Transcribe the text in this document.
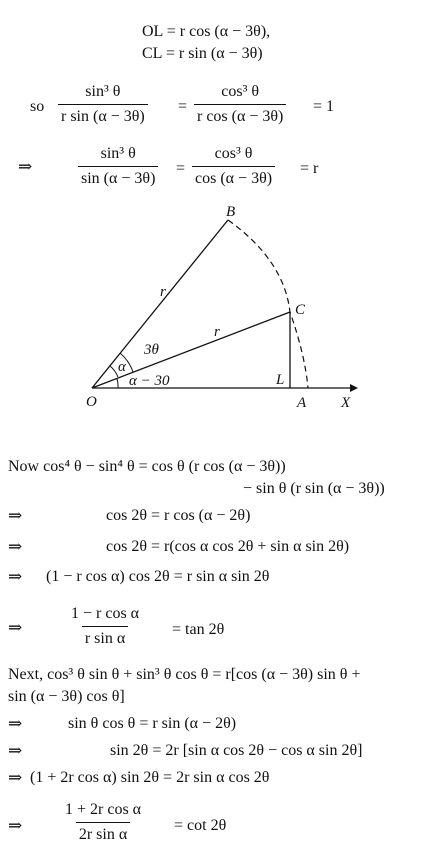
OL = r cos (α − 3θ),
CL = r sin (α − 3θ)
so $\frac{\text{sin³ θ}}{\text{r sin (α − 3θ)}} = \frac{\text{cos³ θ}}{\text{r cos (α − 3θ)}} = 1$
⇒	$\frac{\text{sin³ θ}}{\sin (\alpha - 3\theta)} = \frac{\text{cos³ θ}}{\cos (\alpha - 3\theta)} = r$
B
C
O	A X
L
r
r
3θ
α
α − 30
Now cos⁴ θ − sin⁴ θ = cos θ (r cos (α − 3θ))
− sin θ (r sin (α − 3θ))
⇒	cos 2θ = r cos (α − 2θ)
⇒	cos 2θ = r(cos α cos 2θ + sin α sin 2θ)
⇒ (1 − r cos α) cos 2θ = r sin α sin 2θ
⇒	$\frac{\text{1 − r cos α}}{\text{r sin α}} = \tan 2\theta$
Next, cos³ θ sin θ + sin³ θ cos θ = r[cos (α − 3θ) sin θ +
sin (α − 3θ) cos θ]
⇒	sin θ cos θ = r sin (α − 2θ)
⇒	sin 2θ = 2r [sin α cos 2θ − cos α sin 2θ]
⇒ (1 + 2r cos α) sin 2θ = 2r sin α cos 2θ
⇒ $\frac{\text{1 + 2r cos α}}{\text{2r sin α}} = \cot 2\theta$
